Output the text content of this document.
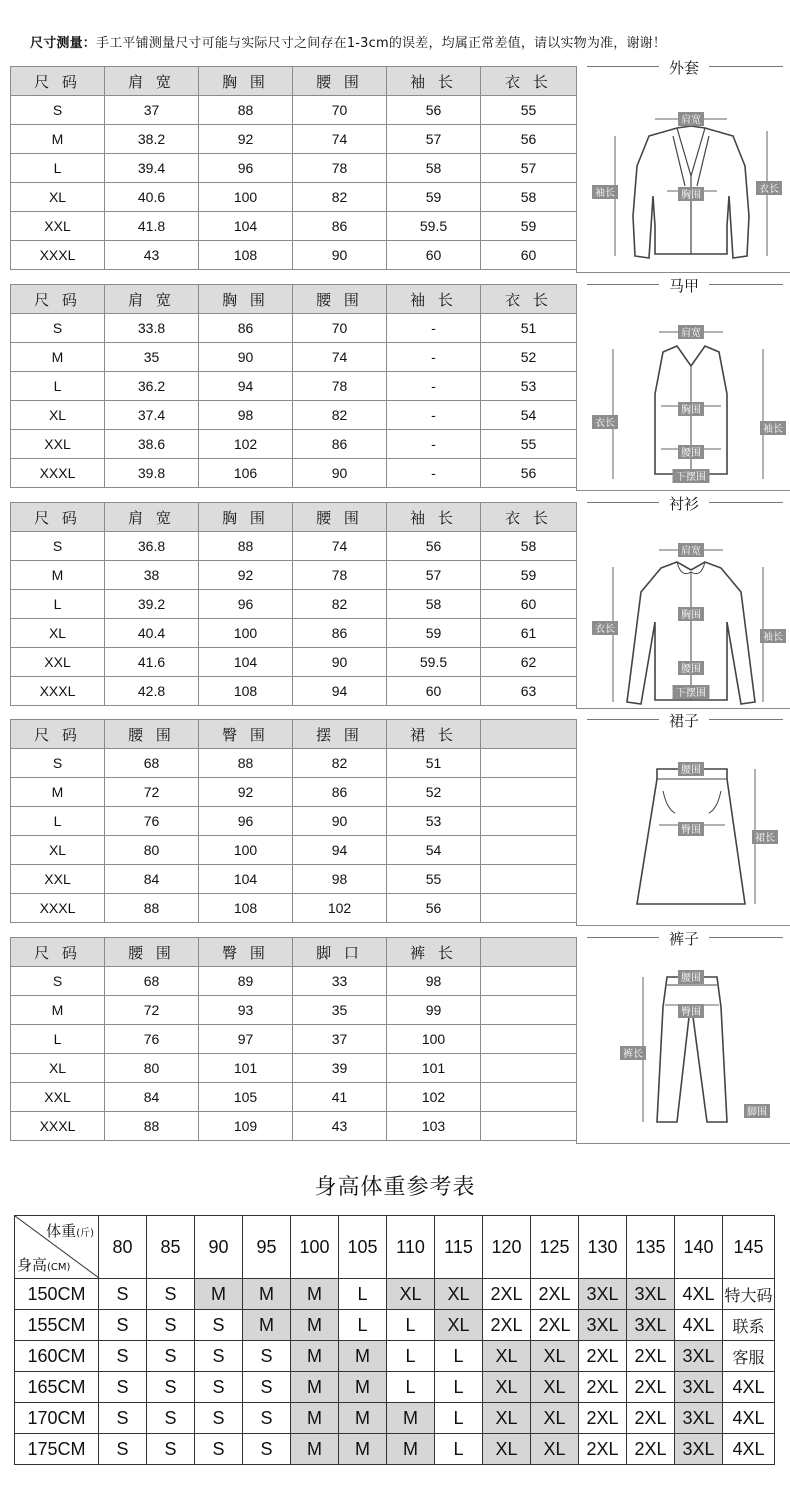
尺寸测量：手工平铺测量尺寸可能与实际尺寸之间存在1-3cm的误差，均属正常差值，请以实物为准，谢谢！
尺 码	肩 宽	胸 围	腰 围	袖 长	衣 长
S	37	88	70	56	55
M	38.2	92	74	57	56
L	39.4	96	78	58	57
XL	40.6	100	82	59	58
XXL	41.8	104	86	59.5	59
XXXL	43	108	90	60	60
外套
肩宽
胸围
袖长	衣长
尺 码	肩 宽	胸 围	腰 围	袖 长	衣 长
S	33.8	86	70	-	51
M	35	90	74	-	52
L	36.2	94	78	-	53
XL	37.4	98	82	-	54
XXL	38.6	102	86	-	55
XXXL	39.8	106	90	-	56
马甲
肩宽
胸围
衣长
袖长
腰围
下摆围
尺 码	肩 宽	胸 围	腰 围	袖 长	衣 长
S	36.8	88	74	56	58
M	38	92	78	57	59
L	39.2	96	82	58	60
XL	40.4	100	86	59	61
XXL	41.6	104	90	59.5	62
XXXL	42.8	108	94	60	63
衬衫
肩宽
胸围
衣长
袖长
腰围
下摆围
尺 码	腰 围	臀 围	摆 围	裙 长	
S	68	88	82	51	
M	72	92	86	52	
L	76	96	90	53	
XL	80	100	94	54	
XXL	84	104	98	55	
XXXL	88	108	102	56	
裙子
腰围
臀围
裙长
尺 码	腰 围	臀 围	脚 口	裤 长	
S	68	89	33	98	
M	72	93	35	99	
L	76	97	37	100	
XL	80	101	39	101	
XXL	84	105	41	102	
XXXL	88	109	43	103	
裤子
腰围
臀围
裤长
脚围
身高体重参考表
体重(斤)
身高(CM)	80	85	90	95	100	105	110	115	120	125	130	135	140	145
150CM	S	S	M	M	M	L	XL	XL	2XL	2XL	3XL	3XL	4XL	特大码
155CM	S	S	S	M	M	L	L	XL	2XL	2XL	3XL	3XL	4XL	联系
160CM	S	S	S	S	M	M	L	L	XL	XL	2XL	2XL	3XL	客服
165CM	S	S	S	S	M	M	L	L	XL	XL	2XL	2XL	3XL	4XL
170CM	S	S	S	S	M	M	M	L	XL	XL	2XL	2XL	3XL	4XL
175CM	S	S	S	S	M	M	M	L	XL	XL	2XL	2XL	3XL	4XL
